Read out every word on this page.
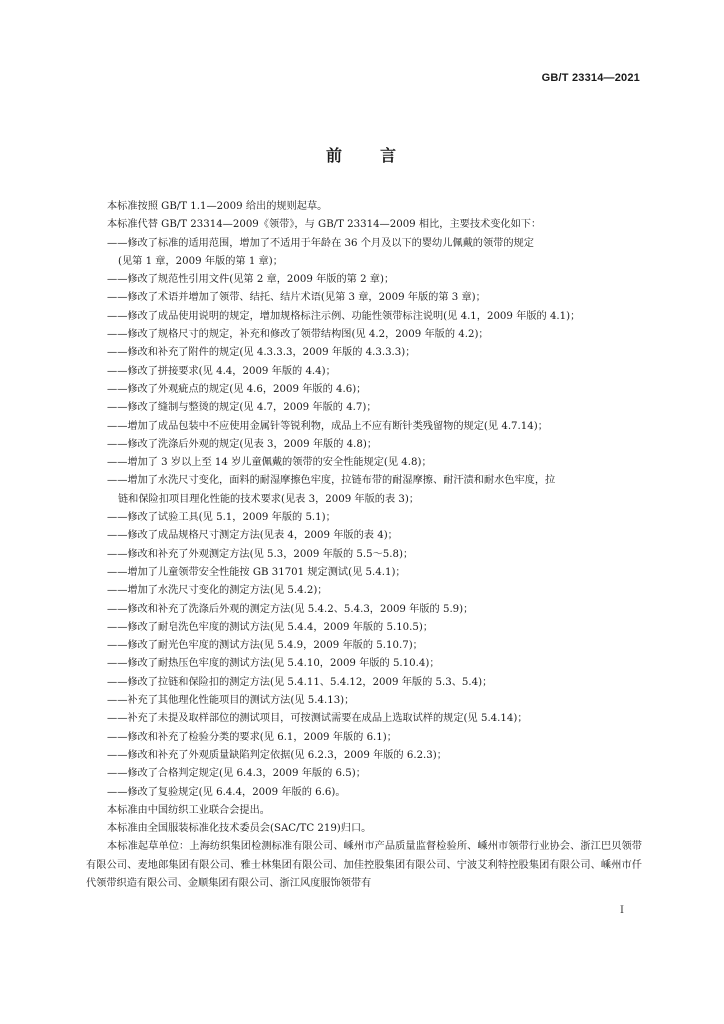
GB/T 23314—2021
前　　言
本标准按照 GB/T 1.1—2009 给出的规则起草。
本标准代替 GB/T 23314—2009《领带》，与 GB/T 23314—2009 相比，主要技术变化如下：
——修改了标准的适用范围，增加了不适用于年龄在 36 个月及以下的婴幼儿佩戴的领带的规定
(见第 1 章，2009 年版的第 1 章)；
——修改了规范性引用文件(见第 2 章，2009 年版的第 2 章)；
——修改了术语并增加了领带、结托、结片术语(见第 3 章，2009 年版的第 3 章)；
——修改了成品使用说明的规定，增加规格标注示例、功能性领带标注说明(见 4.1，2009 年版的 4.1)；
——修改了规格尺寸的规定，补充和修改了领带结构图(见 4.2，2009 年版的 4.2)；
——修改和补充了附件的规定(见 4.3.3.3，2009 年版的 4.3.3.3)；
——修改了拼接要求(见 4.4，2009 年版的 4.4)；
——修改了外观疵点的规定(见 4.6，2009 年版的 4.6)；
——修改了缝制与整烫的规定(见 4.7，2009 年版的 4.7)；
——增加了成品包装中不应使用金属针等锐利物，成品上不应有断针类残留物的规定(见 4.7.14)；
——修改了洗涤后外观的规定(见表 3，2009 年版的 4.8)；
——增加了 3 岁以上至 14 岁儿童佩戴的领带的安全性能规定(见 4.8)；
——增加了水洗尺寸变化，面料的耐湿摩擦色牢度，拉链布带的耐湿摩擦、耐汗渍和耐水色牢度，拉
链和保险扣项目理化性能的技术要求(见表 3，2009 年版的表 3)；
——修改了试验工具(见 5.1，2009 年版的 5.1)；
——修改了成品规格尺寸测定方法(见表 4，2009 年版的表 4)；
——修改和补充了外观测定方法(见 5.3，2009 年版的 5.5～5.8)；
——增加了儿童领带安全性能按 GB 31701 规定测试(见 5.4.1)；
——增加了水洗尺寸变化的测定方法(见 5.4.2)；
——修改和补充了洗涤后外观的测定方法(见 5.4.2、5.4.3，2009 年版的 5.9)；
——修改了耐皂洗色牢度的测试方法(见 5.4.4，2009 年版的 5.10.5)；
——修改了耐光色牢度的测试方法(见 5.4.9，2009 年版的 5.10.7)；
——修改了耐热压色牢度的测试方法(见 5.4.10，2009 年版的 5.10.4)；
——修改了拉链和保险扣的测定方法(见 5.4.11、5.4.12，2009 年版的 5.3、5.4)；
——补充了其他理化性能项目的测试方法(见 5.4.13)；
——补充了未提及取样部位的测试项目，可按测试需要在成品上选取试样的规定(见 5.4.14)；
——修改和补充了检验分类的要求(见 6.1，2009 年版的 6.1)；
——修改和补充了外观质量缺陷判定依据(见 6.2.3，2009 年版的 6.2.3)；
——修改了合格判定规定(见 6.4.3，2009 年版的 6.5)；
——修改了复验规定(见 6.4.4，2009 年版的 6.6)。
本标准由中国纺织工业联合会提出。
本标准由全国服装标准化技术委员会(SAC/TC 219)归口。
本标准起草单位：上海纺织集团检测标准有限公司、嵊州市产品质量监督检验所、嵊州市领带行业协会、浙江巴贝领带有限公司、麦地郎集团有限公司、雅士林集团有限公司、加佳控股集团有限公司、宁波艾利特控股集团有限公司、嵊州市仟代领带织造有限公司、金顺集团有限公司、浙江风度服饰领带有
Ⅰ
